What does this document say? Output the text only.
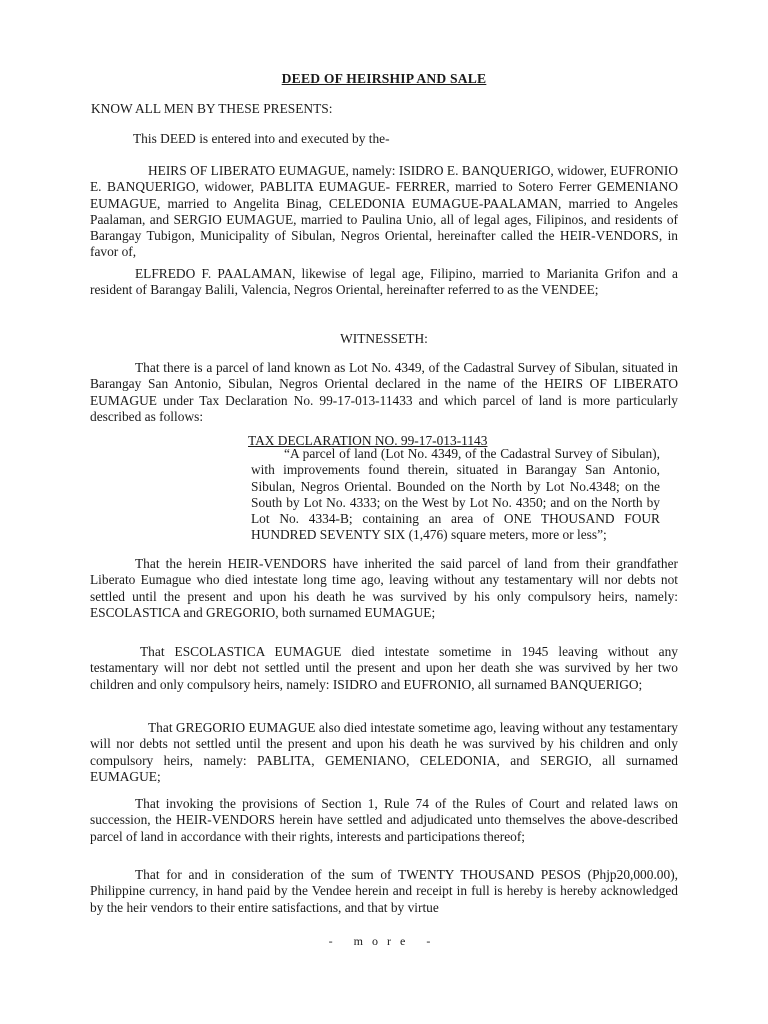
DEED OF HEIRSHIP AND SALE
KNOW ALL MEN BY THESE PRESENTS:
This DEED is entered into and executed by the-

HEIRS OF LIBERATO EUMAGUE, namely: ISIDRO E. BANQUERIGO, widower, EUFRONIO E. BANQUERIGO, widower, PABLITA EUMAGUE- FERRER, married to Sotero Ferrer GEMENIANO EUMAGUE, married to Angelita Binag, CELEDONIA EUMAGUE-PAALAMAN, married to Angeles Paalaman, and SERGIO EUMAGUE, married to Paulina Unio, all of legal ages, Filipinos, and residents of Barangay Tubigon, Municipality of Sibulan, Negros Oriental, hereinafter called the HEIR-VENDORS, in favor of,

ELFREDO F. PAALAMAN, likewise of legal age, Filipino, married to Marianita Grifon and a resident of Barangay Balili, Valencia, Negros Oriental, hereinafter referred to as the VENDEE;

WITNESSETH:

That there is a parcel of land known as Lot No. 4349, of the Cadastral Survey of Sibulan, situated in Barangay San Antonio, Sibulan, Negros Oriental declared in the name of the HEIRS OF LIBERATO EUMAGUE under Tax Declaration No. 99-17-013-11433 and which parcel of land is more particularly described as follows:

TAX DECLARATION NO. 99-17-013-1143

“A parcel of land (Lot No. 4349, of the Cadastral Survey of Sibulan), with improvements found therein, situated in Barangay San Antonio, Sibulan, Negros Oriental. Bounded on the North by Lot No.4348; on the South by Lot No. 4333; on the West by Lot No. 4350; and on the North by Lot No. 4334-B; containing an area of ONE THOUSAND FOUR HUNDRED SEVENTY SIX (1,476) square meters, more or less”;

That the herein HEIR-VENDORS have inherited the said parcel of land from their grandfather Liberato Eumague who died intestate long time ago, leaving without any testamentary will nor debts not settled until the present and upon his death he was survived by his only compulsory heirs, namely: ESCOLASTICA and GREGORIO, both surnamed EUMAGUE;

That ESCOLASTICA EUMAGUE died intestate sometime in 1945 leaving without any testamentary will nor debt not settled until the present and upon her death she was survived by her two children and only compulsory heirs, namely: ISIDRO and EUFRONIO, all surnamed BANQUERIGO;

That GREGORIO EUMAGUE also died intestate sometime ago, leaving without any testamentary will nor debts not settled until the present and upon his death he was survived by his children and only compulsory heirs, namely: PABLITA, GEMENIANO, CELEDONIA, and SERGIO, all surnamed EUMAGUE;

That invoking the provisions of Section 1, Rule 74 of the Rules of Court and related laws on succession, the HEIR-VENDORS herein have settled and adjudicated unto themselves the above-described parcel of land in accordance with their rights, interests and participations thereof;

That for and in consideration of the sum of TWENTY THOUSAND PESOS (Phjp20,000.00), Philippine currency, in hand paid by the Vendee herein and receipt in full is hereby is hereby acknowledged by the heir vendors to their entire satisfactions, and that by virtue

- more -
